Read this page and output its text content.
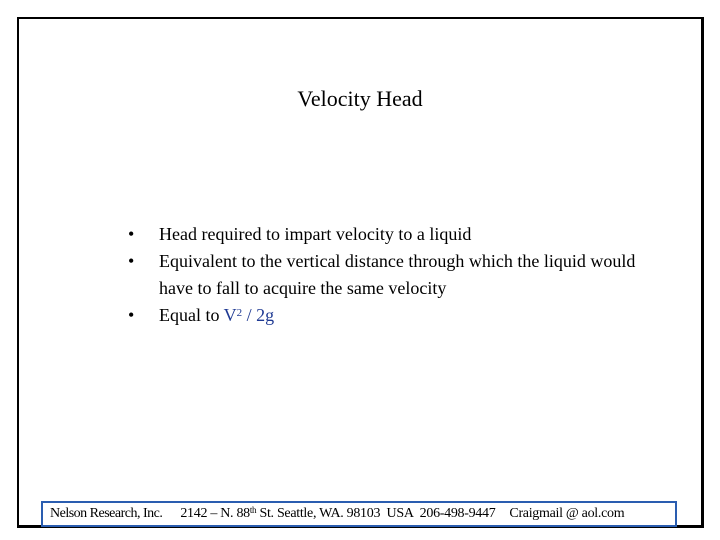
Velocity Head
• Head required to impart velocity to a liquid
• Equivalent to the vertical distance through which the liquid would have to fall to acquire the same velocity
• Equal to $V^2 / 2g$
Nelson Research, Inc. 2142 – N. 88th St. Seattle, WA. 98103  USA 206-498-9447 Craigmail @ aol.com
